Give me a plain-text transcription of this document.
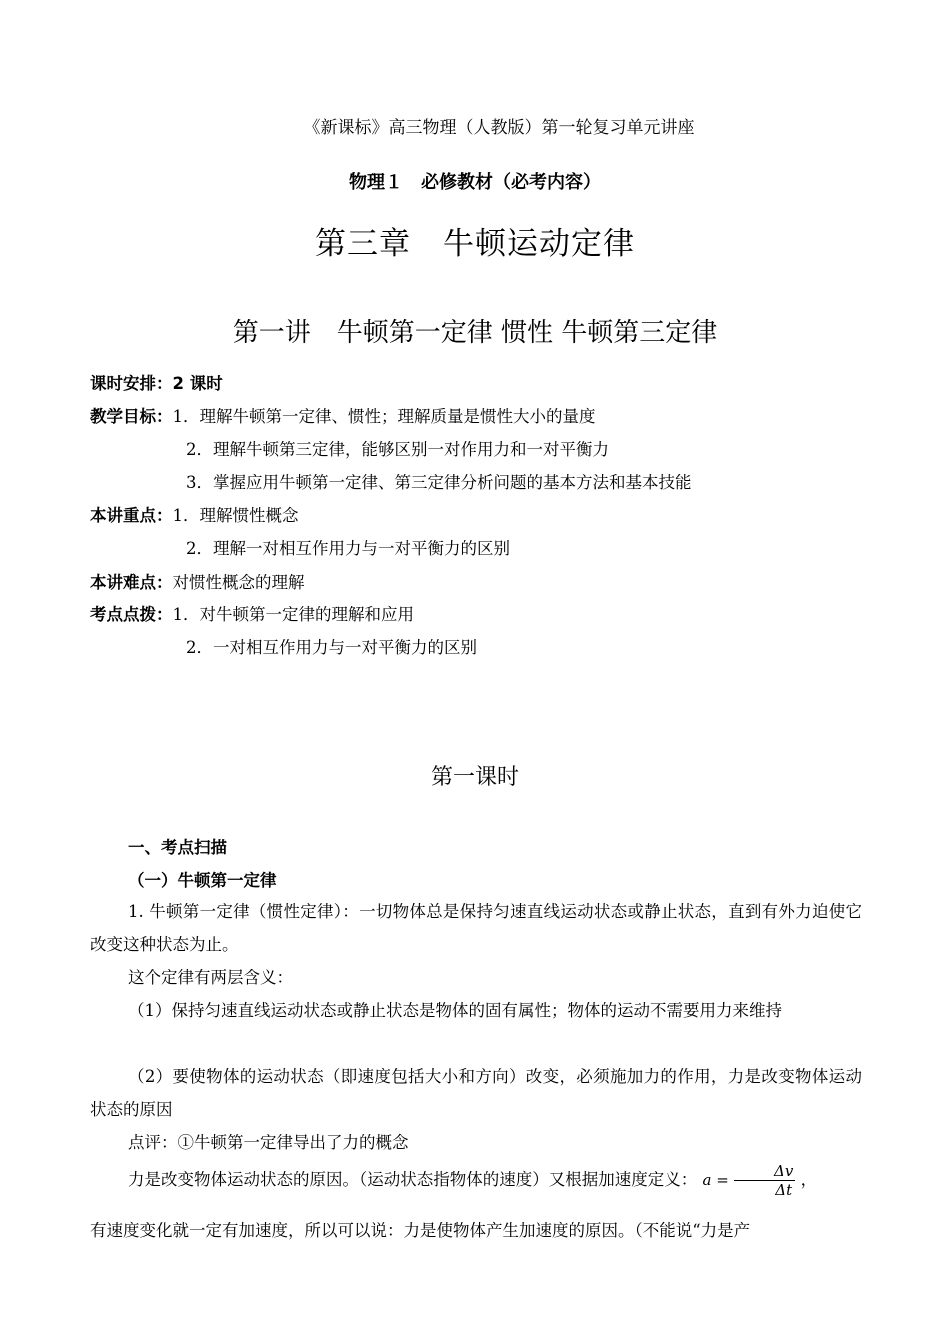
《新课标》高三物理（人教版）第一轮复习单元讲座
物理１　必修教材（必考内容）
第三章　牛顿运动定律
第一讲　牛顿第一定律 惯性 牛顿第三定律
课时安排：2 课时
教学目标：1．理解牛顿第一定律、惯性；理解质量是惯性大小的量度
2．理解牛顿第三定律，能够区别一对作用力和一对平衡力
3．掌握应用牛顿第一定律、第三定律分析问题的基本方法和基本技能
本讲重点：1．理解惯性概念
2．理解一对相互作用力与一对平衡力的区别
本讲难点：对惯性概念的理解
考点点拨：1．对牛顿第一定律的理解和应用
2．一对相互作用力与一对平衡力的区别
第一课时
一、考点扫描
（一）牛顿第一定律
1. 牛顿第一定律（惯性定律）：一切物体总是保持匀速直线运动状态或静止状态，直到有外力迫使它改变这种状态为止。
这个定律有两层含义：
（1）保持匀速直线运动状态或静止状态是物体的固有属性；物体的运动不需要用力来维持
（2）要使物体的运动状态（即速度包括大小和方向）改变，必须施加力的作用，力是改变物体运动状态的原因
点评：①牛顿第一定律导出了力的概念
力是改变物体运动状态的原因。（运动状态指物体的速度）又根据加速度定义： $a = \frac{\Delta v}{\Delta t}$ ，
有速度变化就一定有加速度，所以可以说：力是使物体产生加速度的原因。（不能说“力是产
